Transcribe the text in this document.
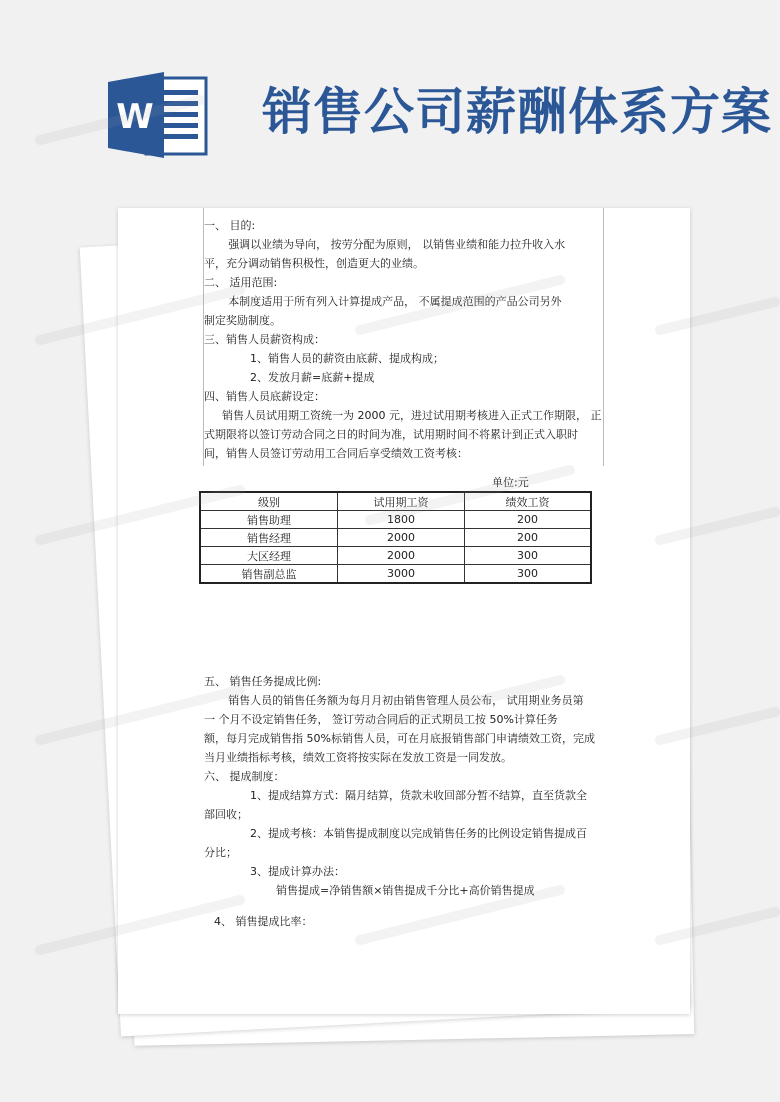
W 销售公司薪酬体系方案
一、 目的:
强调以业绩为导向， 按劳分配为原则， 以销售业绩和能力拉升收入水
平，充分调动销售积极性，创造更大的业绩。
二、 适用范围:
本制度适用于所有列入计算提成产品， 不属提成范围的产品公司另外
制定奖励制度。
三、销售人员薪资构成：
1、销售人员的薪资由底薪、提成构成；
2、发放月薪=底薪+提成
四、销售人员底薪设定：
销售人员试用期工资统一为 2000 元，进过试用期考核进入正式工作期限， 正
式期限将以签订劳动合同之日的时间为准，试用期时间不将累计到正式入职时
间，销售人员签订劳动用工合同后享受绩效工资考核：
单位:元
级别	试用期工资	绩效工资
销售助理	1800	200
销售经理	2000	200
大区经理	2000	300
销售副总监	3000	300
五、 销售任务提成比例:
销售人员的销售任务额为每月月初由销售管理人员公布， 试用期业务员第
一 个月不设定销售任务， 签订劳动合同后的正式期员工按 50%计算任务
额，每月完成销售指 50%标销售人员，可在月底报销售部门申请绩效工资，完成
当月业绩指标考核，绩效工资将按实际在发放工资是一同发放。
六、 提成制度：
1、提成结算方式：隔月结算，货款未收回部分暂不结算，直至货款全
部回收；
2、提成考核：本销售提成制度以完成销售任务的比例设定销售提成百
分比；
3、提成计算办法：
销售提成=净销售额×销售提成千分比+高价销售提成
4、 销售提成比率：
